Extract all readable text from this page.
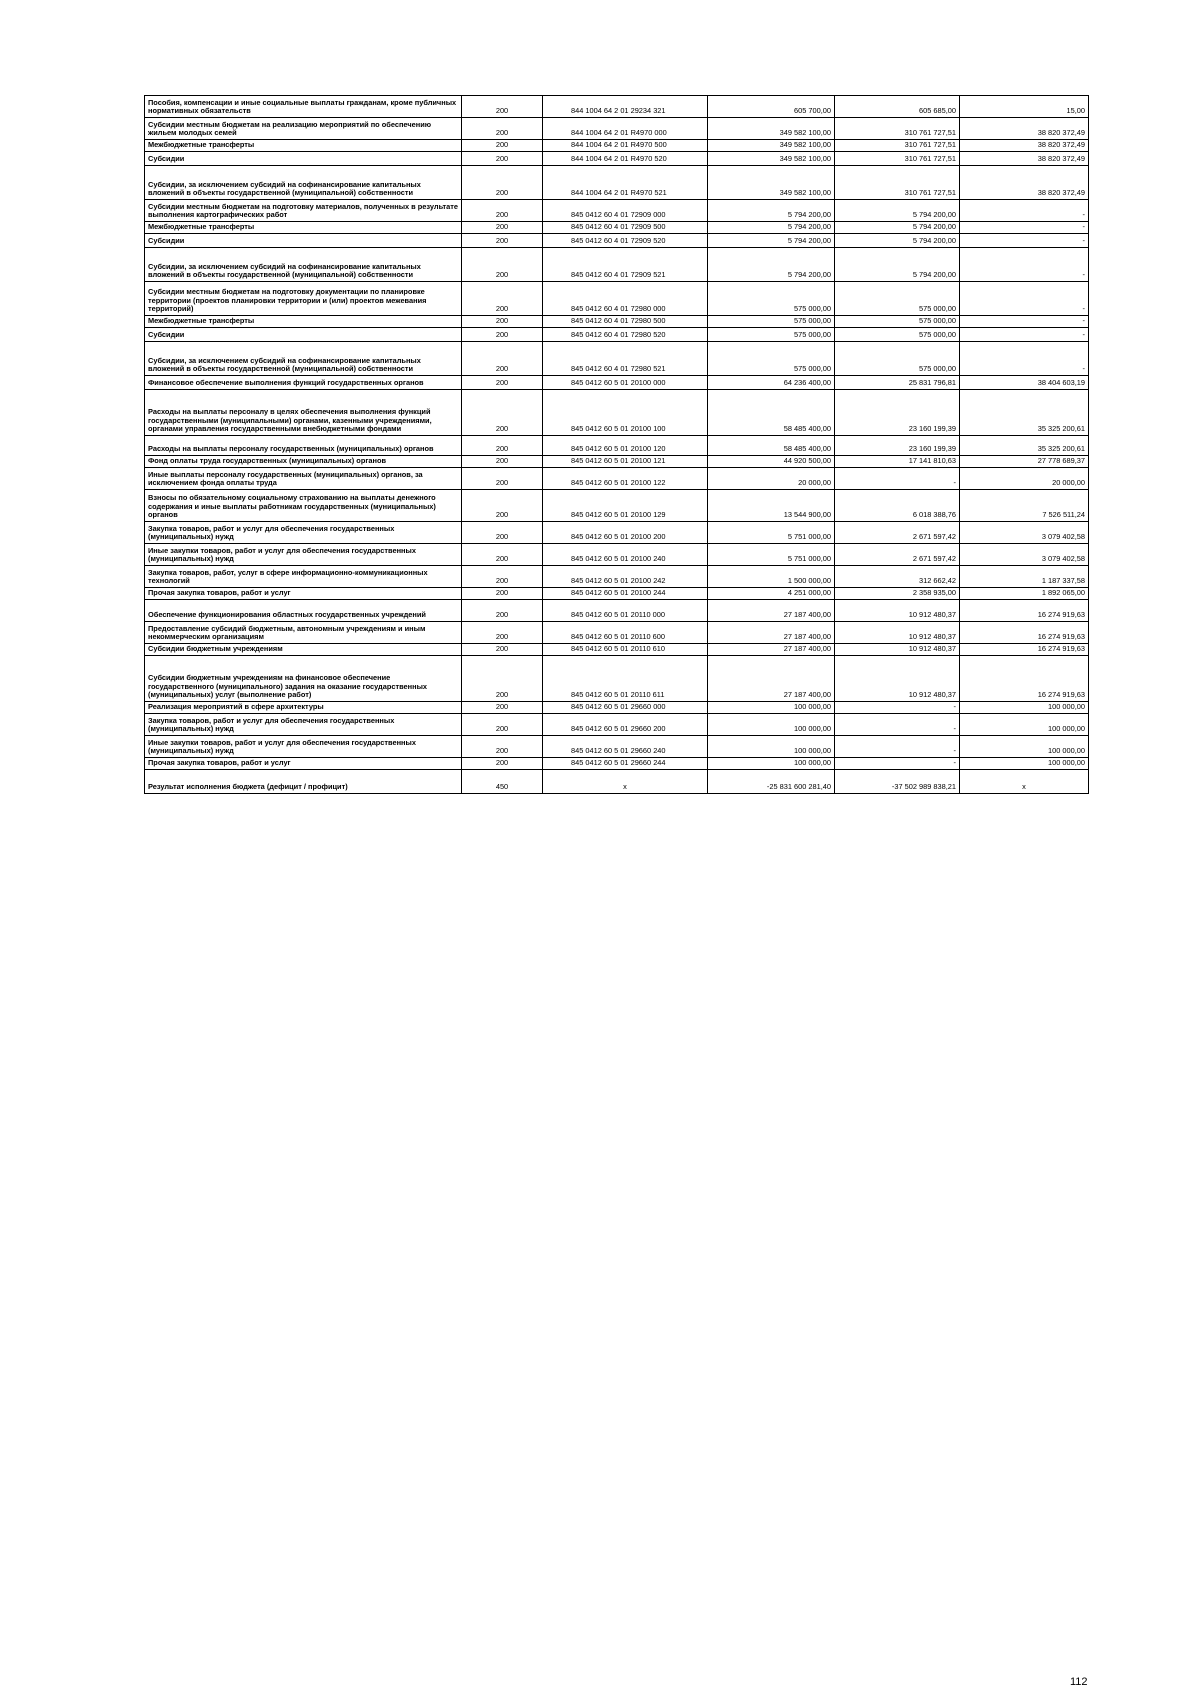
Пособия, компенсации и иные социальные выплаты гражданам, кроме публичных нормативных обязательств	200	844 1004 64 2 01 29234 321	605 700,00	605 685,00	15,00
Субсидии местным бюджетам на реализацию мероприятий по обеспечению жильем молодых семей	200	844 1004 64 2 01 R4970 000	349 582 100,00	310 761 727,51	38 820 372,49
Межбюджетные трансферты	200	844 1004 64 2 01 R4970 500	349 582 100,00	310 761 727,51	38 820 372,49
Субсидии	200	844 1004 64 2 01 R4970 520	349 582 100,00	310 761 727,51	38 820 372,49
Субсидии, за исключением субсидий на софинансирование капитальных вложений в объекты государственной (муниципальной) собственности	200	844 1004 64 2 01 R4970 521	349 582 100,00	310 761 727,51	38 820 372,49
Субсидии местным бюджетам на подготовку материалов, полученных в результате выполнения картографических работ	200	845 0412 60 4 01 72909 000	5 794 200,00	5 794 200,00	-
Межбюджетные трансферты	200	845 0412 60 4 01 72909 500	5 794 200,00	5 794 200,00	-
Субсидии	200	845 0412 60 4 01 72909 520	5 794 200,00	5 794 200,00	-
Субсидии, за исключением субсидий на софинансирование капитальных вложений в объекты государственной (муниципальной) собственности	200	845 0412 60 4 01 72909 521	5 794 200,00	5 794 200,00	-
Субсидии местным бюджетам на подготовку документации по планировке территории (проектов планировки территории и (или) проектов межевания территорий)	200	845 0412 60 4 01 72980 000	575 000,00	575 000,00	-
Межбюджетные трансферты	200	845 0412 60 4 01 72980 500	575 000,00	575 000,00	-
Субсидии	200	845 0412 60 4 01 72980 520	575 000,00	575 000,00	-
Субсидии, за исключением субсидий на софинансирование капитальных вложений в объекты государственной (муниципальной) собственности	200	845 0412 60 4 01 72980 521	575 000,00	575 000,00	-
Финансовое обеспечение выполнения функций государственных органов	200	845 0412 60 5 01 20100 000	64 236 400,00	25 831 796,81	38 404 603,19
Расходы на выплаты персоналу в целях обеспечения выполнения функций государственными (муниципальными) органами, казенными учреждениями, органами управления государственными внебюджетными фондами	200	845 0412 60 5 01 20100 100	58 485 400,00	23 160 199,39	35 325 200,61
Расходы на выплаты персоналу государственных (муниципальных) органов	200	845 0412 60 5 01 20100 120	58 485 400,00	23 160 199,39	35 325 200,61
Фонд оплаты труда государственных (муниципальных) органов	200	845 0412 60 5 01 20100 121	44 920 500,00	17 141 810,63	27 778 689,37
Иные выплаты персоналу государственных (муниципальных) органов, за исключением фонда оплаты труда	200	845 0412 60 5 01 20100 122	20 000,00	-	20 000,00
Взносы по обязательному социальному страхованию на выплаты денежного содержания и иные выплаты работникам государственных (муниципальных) органов	200	845 0412 60 5 01 20100 129	13 544 900,00	6 018 388,76	7 526 511,24
Закупка товаров, работ и услуг для обеспечения государственных (муниципальных) нужд	200	845 0412 60 5 01 20100 200	5 751 000,00	2 671 597,42	3 079 402,58
Иные закупки товаров, работ и услуг для обеспечения государственных (муниципальных) нужд	200	845 0412 60 5 01 20100 240	5 751 000,00	2 671 597,42	3 079 402,58
Закупка товаров, работ, услуг в сфере информационно-коммуникационных технологий	200	845 0412 60 5 01 20100 242	1 500 000,00	312 662,42	1 187 337,58
Прочая закупка товаров, работ и услуг	200	845 0412 60 5 01 20100 244	4 251 000,00	2 358 935,00	1 892 065,00
Обеспечение функционирования областных государственных учреждений	200	845 0412 60 5 01 20110 000	27 187 400,00	10 912 480,37	16 274 919,63
Предоставление субсидий бюджетным, автономным учреждениям и иным некоммерческим организациям	200	845 0412 60 5 01 20110 600	27 187 400,00	10 912 480,37	16 274 919,63
Субсидии бюджетным учреждениям	200	845 0412 60 5 01 20110 610	27 187 400,00	10 912 480,37	16 274 919,63
Субсидии бюджетным учреждениям на финансовое обеспечение государственного (муниципального) задания на оказание государственных (муниципальных) услуг (выполнение работ)	200	845 0412 60 5 01 20110 611	27 187 400,00	10 912 480,37	16 274 919,63
Реализация мероприятий в сфере архитектуры	200	845 0412 60 5 01 29660 000	100 000,00	-	100 000,00
Закупка товаров, работ и услуг для обеспечения государственных (муниципальных) нужд	200	845 0412 60 5 01 29660 200	100 000,00	-	100 000,00
Иные закупки товаров, работ и услуг для обеспечения государственных (муниципальных) нужд	200	845 0412 60 5 01 29660 240	100 000,00	-	100 000,00
Прочая закупка товаров, работ и услуг	200	845 0412 60 5 01 29660 244	100 000,00	-	100 000,00
Результат исполнения бюджета (дефицит / профицит)	450	x	-25 831 600 281,40	-37 502 989 838,21	x
112
